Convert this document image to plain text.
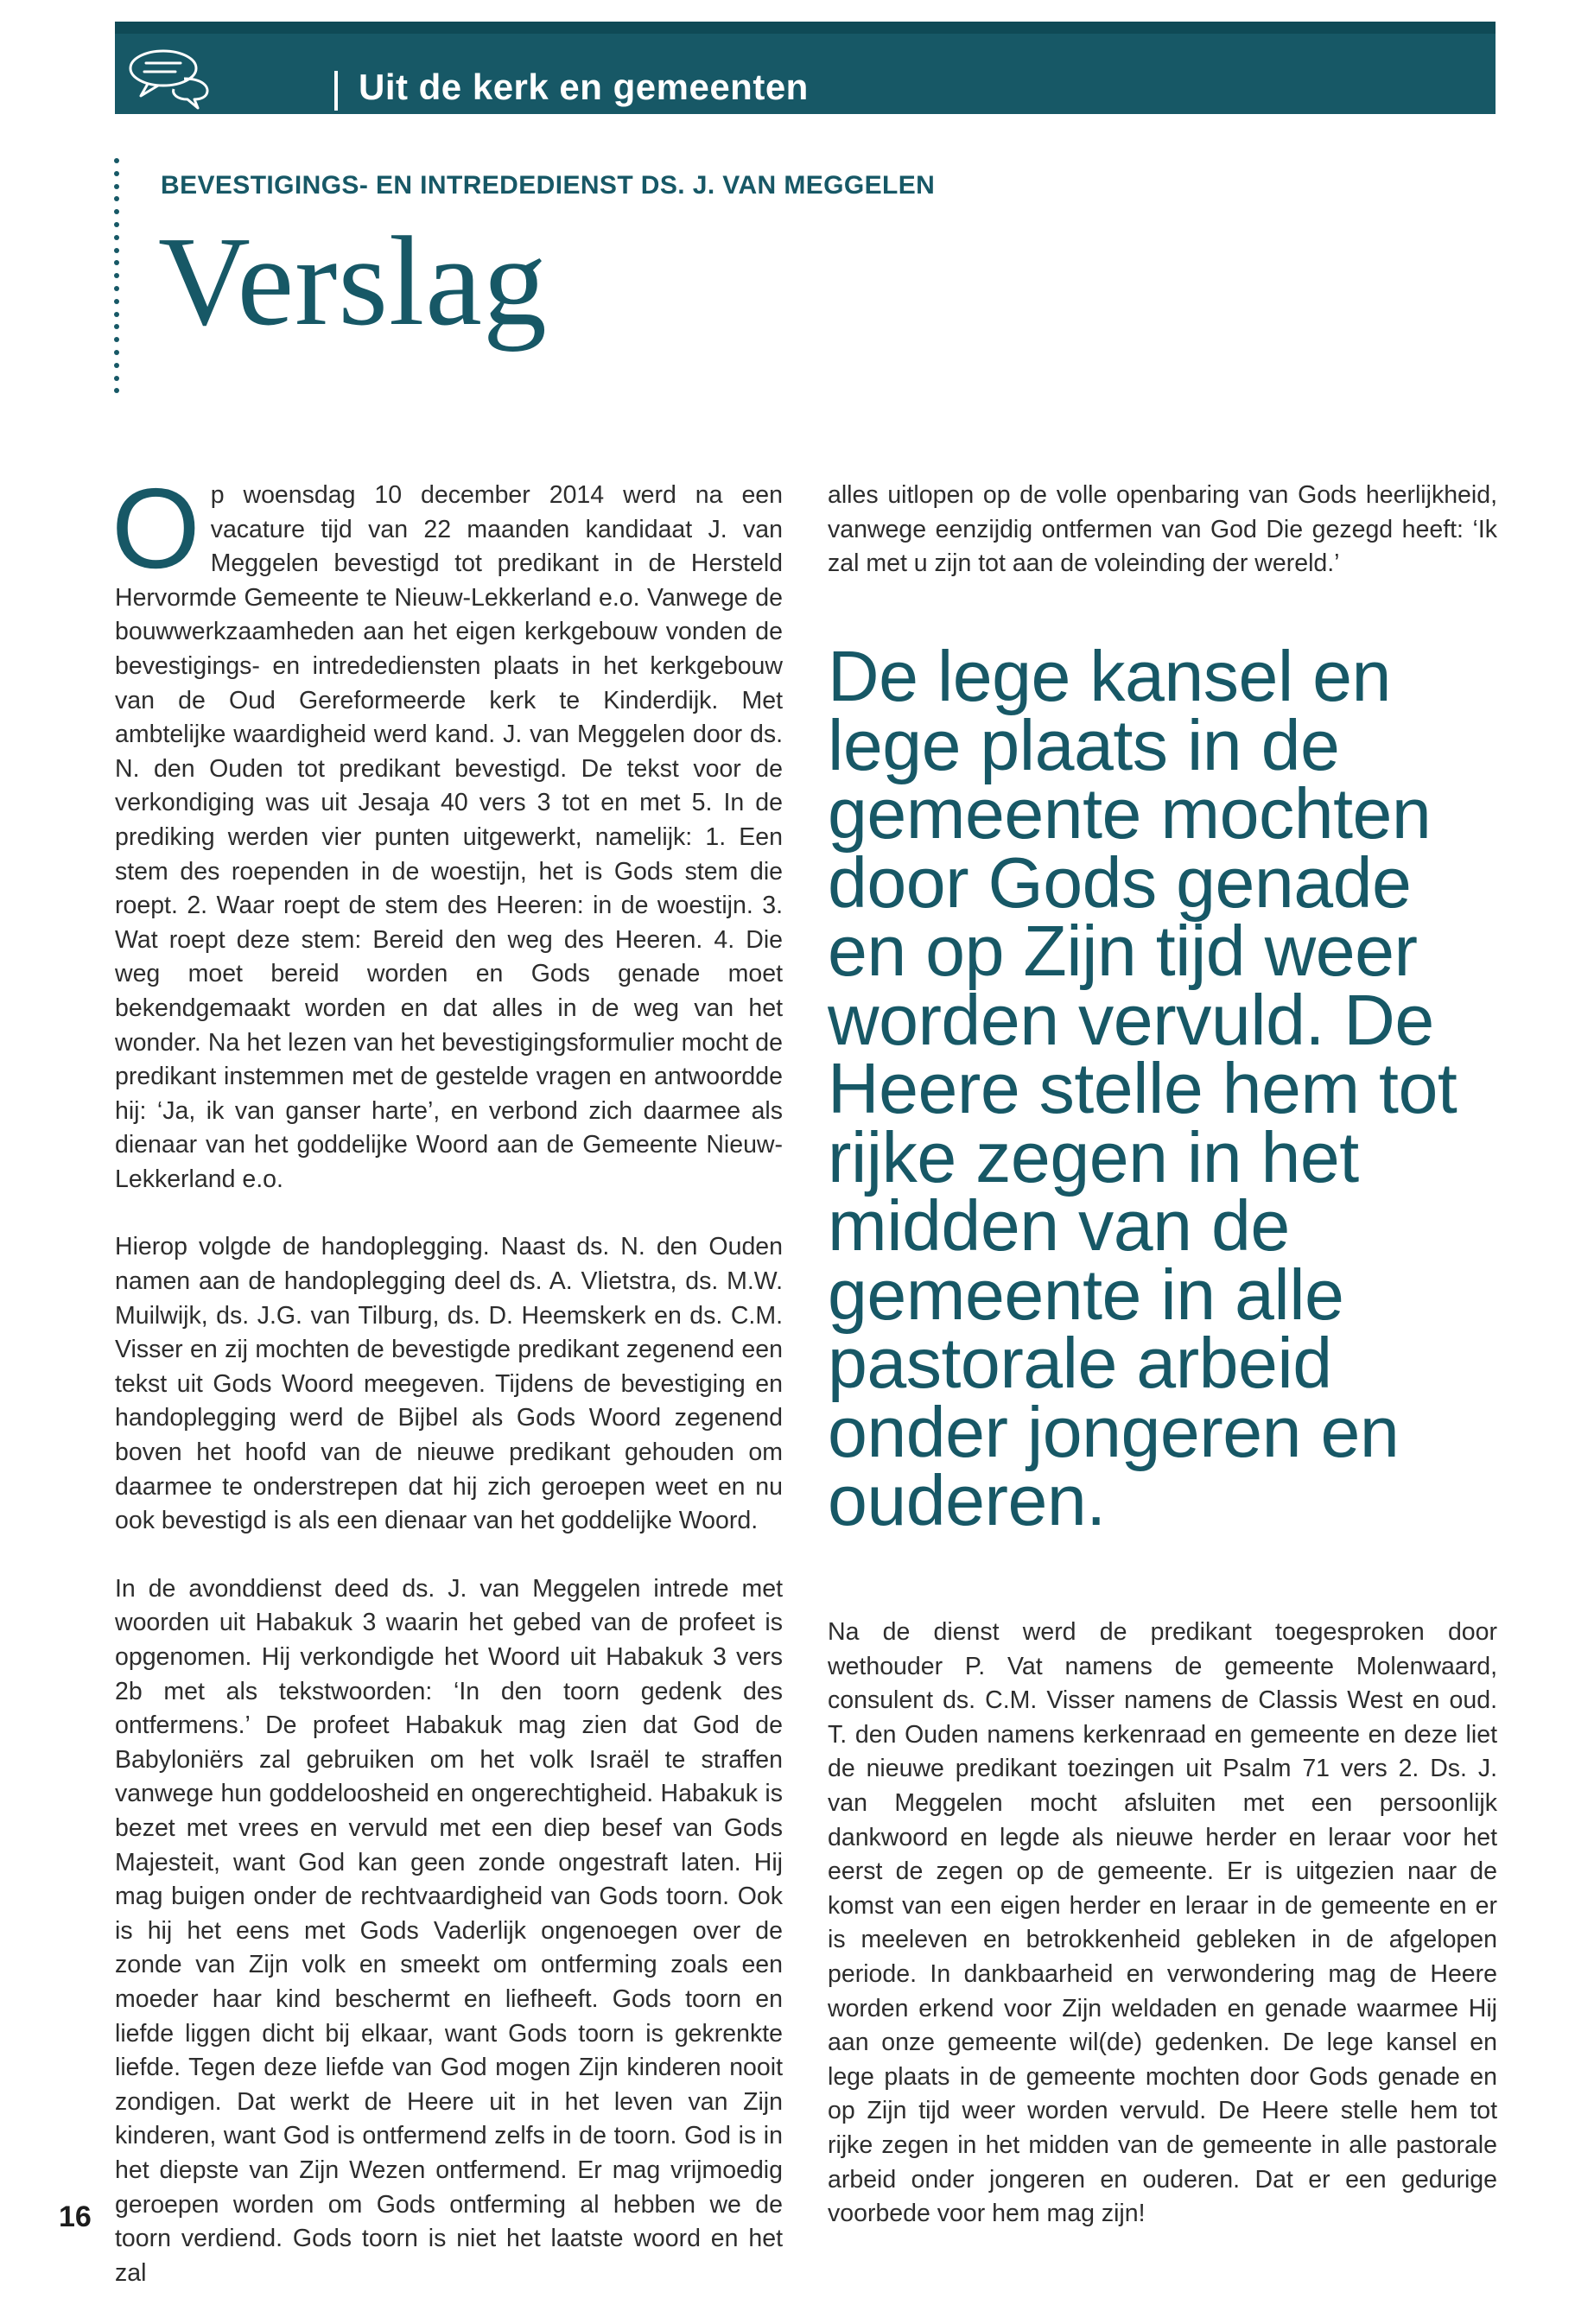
Uit de kerk en gemeenten
BEVESTIGINGS- EN INTREDEDIENST DS. J. VAN MEGGELEN
Verslag

O p woensdag 10 december 2014 werd na een vacature tijd van 22 maanden kandidaat J. van Meggelen bevestigd tot predikant in de Hersteld Hervormde Gemeente te Nieuw-Lekkerland e.o. Vanwege de bouwwerkzaamheden aan het eigen kerkgebouw vonden de bevestigings- en intredediensten plaats in het kerkgebouw van de Oud Gereformeerde kerk te Kinderdijk. Met ambtelijke waardigheid werd kand. J. van Meggelen door ds. N. den Ouden tot predikant bevestigd. De tekst voor de verkondiging was uit Jesaja 40 vers 3 tot en met 5. In de prediking werden vier punten uitgewerkt, namelijk: 1. Een stem des roependen in de woestijn, het is Gods stem die roept. 2. Waar roept de stem des Heeren: in de woestijn. 3. Wat roept deze stem: Bereid den weg des Heeren. 4. Die weg moet bereid worden en Gods genade moet bekendgemaakt worden en dat alles in de weg van het wonder. Na het lezen van het bevestigingsformulier mocht de predikant instemmen met de gestelde vragen en antwoordde hij: ‘Ja, ik van ganser harte’, en verbond zich daarmee als dienaar van het goddelijke Woord aan de Gemeente Nieuw-Lekkerland e.o.

Hierop volgde de handoplegging. Naast ds. N. den Ouden namen aan de handoplegging deel ds. A. Vlietstra, ds. M.W. Muilwijk, ds. J.G. van Tilburg, ds. D. Heemskerk en ds. C.M. Visser en zij mochten de bevestigde predikant zegenend een tekst uit Gods Woord meegeven. Tijdens de bevestiging en handoplegging werd de Bijbel als Gods Woord zegenend boven het hoofd van de nieuwe predikant gehouden om daarmee te onderstrepen dat hij zich geroepen weet en nu ook bevestigd is als een dienaar van het goddelijke Woord.

In de avonddienst deed ds. J. van Meggelen intrede met woorden uit Habakuk 3 waarin het gebed van de profeet is opgenomen. Hij verkondigde het Woord uit Habakuk 3 vers 2b met als tekstwoorden: ‘In den toorn gedenk des ontfermens.’ De profeet Habakuk mag zien dat God de Babyloniërs zal gebruiken om het volk Israël te straffen vanwege hun goddeloosheid en ongerechtigheid. Habakuk is bezet met vrees en vervuld met een diep besef van Gods Majesteit, want God kan geen zonde ongestraft laten. Hij mag buigen onder de rechtvaardigheid van Gods toorn. Ook is hij het eens met Gods Vaderlijk ongenoegen over de zonde van Zijn volk en smeekt om ontferming zoals een moeder haar kind beschermt en liefheeft. Gods toorn en liefde liggen dicht bij elkaar, want Gods toorn is gekrenkte liefde. Tegen deze liefde van God mogen Zijn kinderen nooit zondigen. Dat werkt de Heere uit in het leven van Zijn kinderen, want God is ontfermend zelfs in de toorn. God is in het diepste van Zijn Wezen ontfermend. Er mag vrijmoedig geroepen worden om Gods ontferming al hebben we de toorn verdiend. Gods toorn is niet het laatste woord en het zal

alles uitlopen op de volle openbaring van Gods heerlijkheid, vanwege eenzijdig ontfermen van God Die gezegd heeft: ‘Ik zal met u zijn tot aan de voleinding der wereld.’

De lege kansel en lege plaats in de gemeente mochten door Gods genade en op Zijn tijd weer worden vervuld. De Heere stelle hem tot rijke zegen in het midden van de gemeente in alle pastorale arbeid onder jongeren en ouderen.

Na de dienst werd de predikant toegesproken door wethouder P. Vat namens de gemeente Molenwaard, consulent ds. C.M. Visser namens de Classis West en oud. T. den Ouden namens kerkenraad en gemeente en deze liet de nieuwe predikant toezingen uit Psalm 71 vers 2. Ds. J. van Meggelen mocht afsluiten met een persoonlijk dankwoord en legde als nieuwe herder en leraar voor het eerst de zegen op de gemeente. Er is uitgezien naar de komst van een eigen herder en leraar in de gemeente en er is meeleven en betrokkenheid gebleken in de afgelopen periode. In dankbaarheid en verwondering mag de Heere worden erkend voor Zijn weldaden en genade waarmee Hij aan onze gemeente wil(de) gedenken. De lege kansel en lege plaats in de gemeente mochten door Gods genade en op Zijn tijd weer worden vervuld. De Heere stelle hem tot rijke zegen in het midden van de gemeente in alle pastorale arbeid onder jongeren en ouderen. Dat er een gedurige voorbede voor hem mag zijn!

16
